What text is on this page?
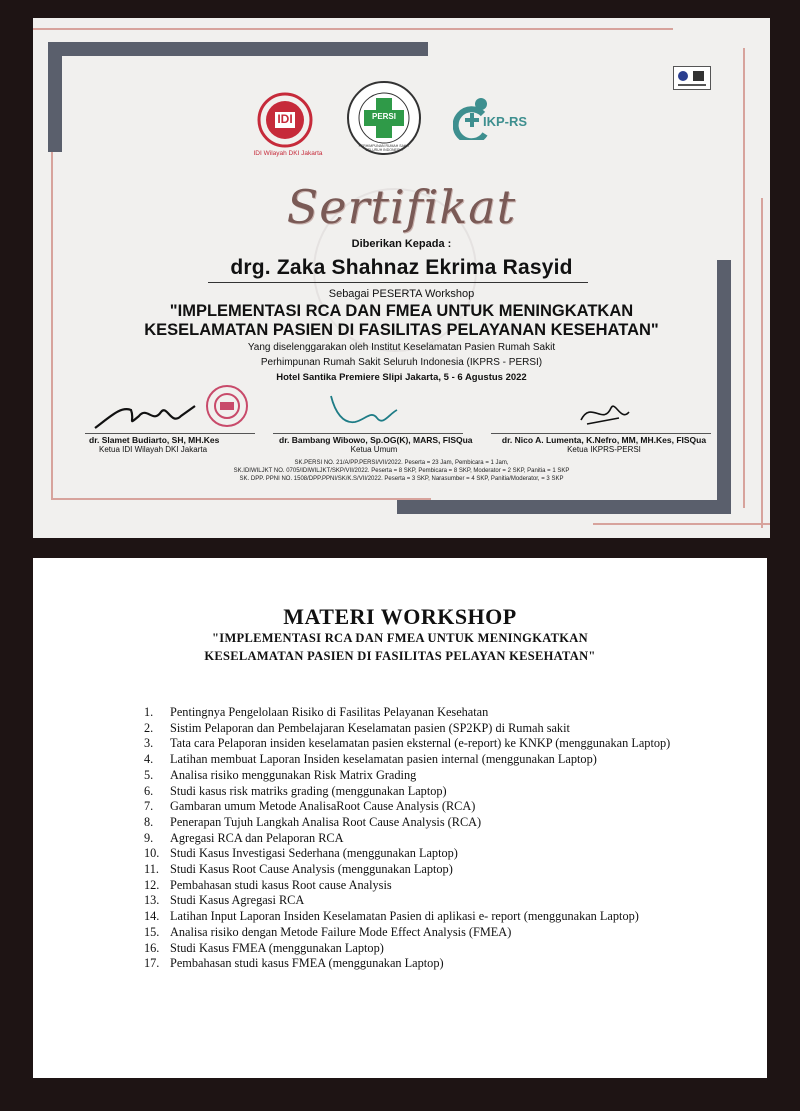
IDI
IDI Wilayah DKI Jakarta
PERSI
PERHIMPUNAN RUMAH SAKIT SELURUH INDONESIA
IKP-RS
Sertifikat
Diberikan Kepada :
drg. Zaka Shahnaz Ekrima Rasyid
Sebagai PESERTA Workshop
"IMPLEMENTASI RCA DAN FMEA UNTUK MENINGKATKAN
KESELAMATAN PASIEN DI FASILITAS PELAYANAN KESEHATAN"
Yang diselenggarakan oleh Institut Keselamatan Pasien Rumah Sakit
Perhimpunan Rumah Sakit Seluruh Indonesia (IKPRS - PERSI)
Hotel Santika Premiere Slipi Jakarta, 5 - 6 Agustus 2022
dr. Slamet Budiarto, SH, MH.Kes
Ketua IDI Wilayah DKI Jakarta
dr. Bambang Wibowo, Sp.OG(K), MARS, FISQua
Ketua Umum
dr. Nico A. Lumenta, K.Nefro, MM, MH.Kes, FISQua
Ketua IKPRS-PERSI
SK.PERSI NO. 21/A/PP.PERSI/VII/2022. Peserta = 23 Jam, Pembicara = 1 Jam,
SK.IDIWILJKT NO. 0705/IDIWILJKT/SKP/VII/2022. Peserta = 8 SKP, Pembicara = 8 SKP, Moderator = 2 SKP, Panitia = 1 SKP
SK. DPP. PPNI NO. 1508/DPP.PPNI/SK/K.S/VII/2022. Peserta = 3 SKP, Narasumber = 4 SKP, Panitia/Moderator, = 3 SKP
MATERI WORKSHOP
"IMPLEMENTASI RCA DAN FMEA UNTUK MENINGKATKAN
KESELAMATAN PASIEN DI FASILITAS PELAYAN KESEHATAN"
1. Pentingnya Pengelolaan Risiko di Fasilitas Pelayanan Kesehatan
2. Sistim Pelaporan dan Pembelajaran Keselamatan pasien (SP2KP) di Rumah sakit
3. Tata cara Pelaporan insiden keselamatan pasien eksternal (e-report) ke KNKP (menggunakan Laptop)
4. Latihan membuat Laporan Insiden keselamatan pasien internal (menggunakan Laptop)
5. Analisa risiko menggunakan Risk Matrix Grading
6. Studi kasus risk matriks grading (menggunakan Laptop)
7. Gambaran umum Metode AnalisaRoot Cause Analysis (RCA)
8. Penerapan Tujuh Langkah Analisa Root Cause Analysis (RCA)
9. Agregasi RCA dan Pelaporan RCA
10. Studi Kasus Investigasi Sederhana (menggunakan Laptop)
11. Studi Kasus Root Cause Analysis (menggunakan Laptop)
12. Pembahasan studi kasus Root cause Analysis
13. Studi Kasus Agregasi RCA
14. Latihan Input Laporan Insiden Keselamatan Pasien di aplikasi e- report (menggunakan Laptop)
15. Analisa risiko dengan Metode Failure Mode Effect Analysis (FMEA)
16. Studi Kasus FMEA (menggunakan Laptop)
17. Pembahasan studi kasus FMEA (menggunakan Laptop)
